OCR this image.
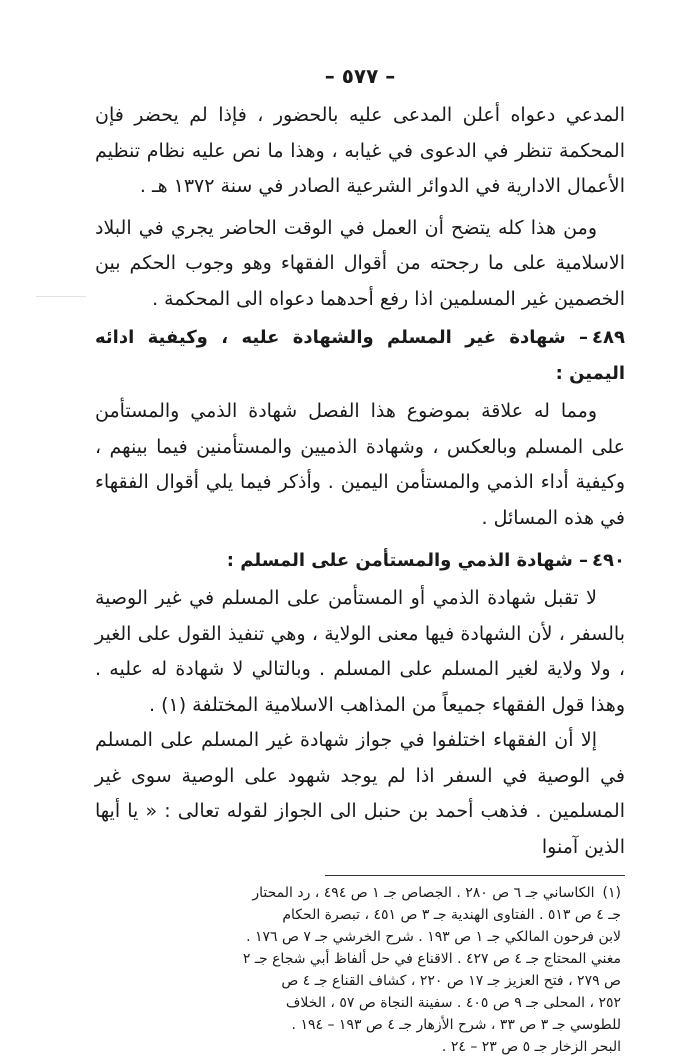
– ٥٧٧ –

المدعي دعواه أعلن المدعى عليه بالحضور ، فإذا لم يحضر فإن المحكمة تنظر في الدعوى في غيابه ، وهذا ما نص عليه نظام تنظيم الأعمال الادارية في الدوائر الشرعية الصادر في سنة ١٣٧٢ هـ .

ومن هذا كله يتضح أن العمل في الوقت الحاضر يجري في البلاد الاسلامية على ما رجحته من أقوال الفقهاء وهو وجوب الحكم بين الخصمين غير المسلمين اذا رفع أحدهما دعواه الى المحكمة .

٤٨٩– شهادة غير المسلم والشهادة عليه ، وكيفية ادائه اليمين :

ومما له علاقة بموضوع هذا الفصل شهادة الذمي والمستأمن على المسلم وبالعكس ، وشهادة الذميين والمستأمنين فيما بينهم ، وكيفية أداء الذمي والمستأمن اليمين . وأذكر فيما يلي أقوال الفقهاء في هذه المسائل .

٤٩٠– شهادة الذمي والمستأمن على المسلم :

لا تقبل شهادة الذمي أو المستأمن على المسلم في غير الوصية بالسفر ، لأن الشهادة فيها معنى الولاية ، وهي تنفيذ القول على الغير ، ولا ولاية لغير المسلم على المسلم . وبالتالي لا شهادة له عليه . وهذا قول الفقهاء جميعاً من المذاهب الاسلامية المختلفة (١) .

إلا أن الفقهاء اختلفوا في جواز شهادة غير المسلم على المسلم في الوصية في السفر اذا لم يوجد شهود على الوصية سوى غير المسلمين . فذهب أحمد بن حنبل الى الجواز لقوله تعالى : « يا أيها الذين آمنوا

(١)الكاساني جـ ٦ ص ٢٨٠ . الجصاص جـ ١ ص ٤٩٤ ، رد المحتار
جـ ٤ ص ٥١٣ . الفتاوى الهندية جـ ٣ ص ٤٥١ ، تبصرة الحكام
لابن فرحون المالكي جـ ١ ص ١٩٣ . شرح الخرشي جـ ٧ ص ١٧٦ .
مغني المحتاج جـ ٤ ص ٤٢٧ . الاقناع في حل ألفاظ أبي شجاع جـ ٢
ص ٢٧٩ ، فتح العزيز جـ ١٧ ص ٢٢٠ ، كشاف القناع جـ ٤ ص
٢٥٢ ، المحلى جـ ٩ ص ٤٠٥ . سفينة النجاة ص ٥٧ ، الخلاف
للطوسي جـ ٣ ص ٣٣ ، شرح الأزهار جـ ٤ ص ١٩٣ – ١٩٤ .
البحر الزخار جـ ٥ ص ٢٣ – ٢٤ .
